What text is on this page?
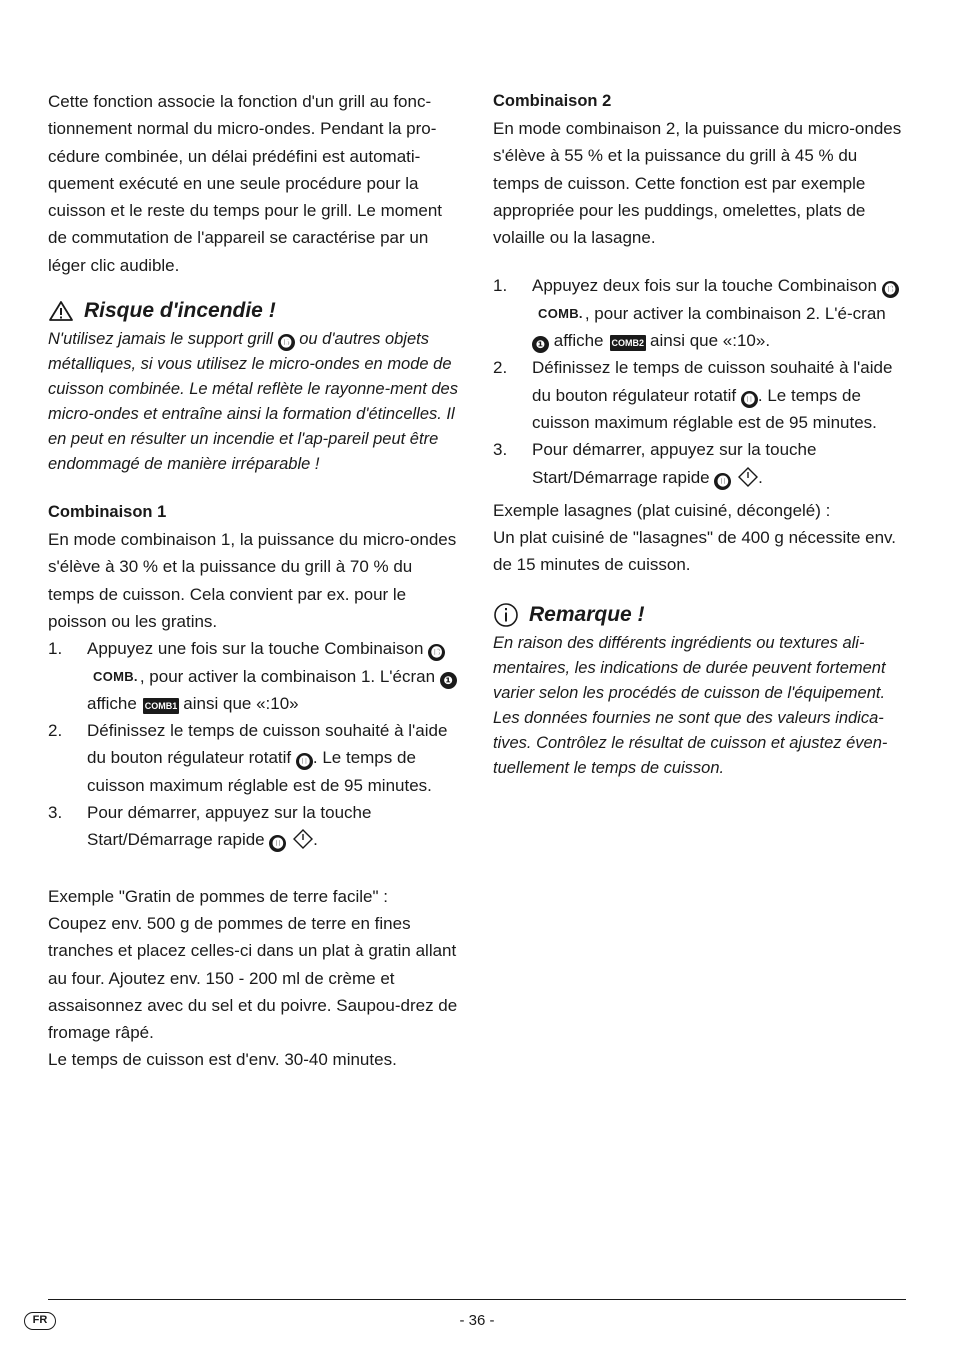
Cette fonction associe la fonction d'un grill au fonc-tionnement normal du micro-ondes. Pendant la pro-cédure combinée, un délai prédéfini est automati-quement exécuté en une seule procédure pour la cuisson et le reste du temps pour le grill. Le moment de commutation de l'appareil se caractérise par un léger clic audible.

Risque d'incendie !

N'utilisez jamais le support grill ⓯ ou d'autres objets métalliques, si vous utilisez le micro-ondes en mode de cuisson combinée. Le métal reflète le rayonne-ment des micro-ondes et entraîne ainsi la formation d'étincelles. Il en peut en résulter un incendie et l'ap-pareil peut être endommagé de manière irréparable !

Combinaison 1

En mode combinaison 1, la puissance du micro-ondes s'élève à 30 % et la puissance du grill à 70 % du temps de cuisson. Cela convient par ex. pour le poisson ou les gratins.

1. Appuyez une fois sur la touche Combinaison ⓭COMB. , pour activer la combinaison 1. L'écran ❶ affiche COMB1 ainsi que «:10»
2. Définissez le temps de cuisson souhaité à l'aide du bouton régulateur rotatif ⓫ . Le temps de cuisson maximum réglable est de 95 minutes.
3. Pour démarrer, appuyez sur la touche Start/Démarrage rapide ⓫ .

Exemple "Gratin de pommes de terre facile" :

Coupez env. 500 g de pommes de terre en fines tranches et placez celles-ci dans un plat à gratin allant au four. Ajoutez env. 150 - 200 ml de crème et assaisonnez avec du sel et du poivre. Saupou-drez de fromage râpé.

Le temps de cuisson est d'env. 30-40 minutes.

Combinaison 2

En mode combinaison 2, la puissance du micro-ondes s'élève à 55 % et la puissance du grill à 45 % du temps de cuisson. Cette fonction est par exemple appropriée pour les puddings, omelettes, plats de volaille ou la lasagne.

1. Appuyez deux fois sur la touche Combinaison ⓭COMB. , pour activer la combinaison 2. L'é-cran ❶ affiche COMB2 ainsi que «:10».
2. Définissez le temps de cuisson souhaité à l'aide du bouton régulateur rotatif ⓫ . Le temps de cuisson maximum réglable est de 95 minutes.
3. Pour démarrer, appuyez sur la touche Start/Démarrage rapide ⓫ .

Exemple lasagnes (plat cuisiné, décongelé) :

Un plat cuisiné de "lasagnes" de 400 g nécessite env. de 15 minutes de cuisson.

Remarque !

En raison des différents ingrédients ou textures ali-mentaires, les indications de durée peuvent fortement varier selon les procédés de cuisson de l'équipement. Les données fournies ne sont que des valeurs indica-tives. Contrôlez le résultat de cuisson et ajustez éven-tuellement le temps de cuisson.

FR	- 36 -
